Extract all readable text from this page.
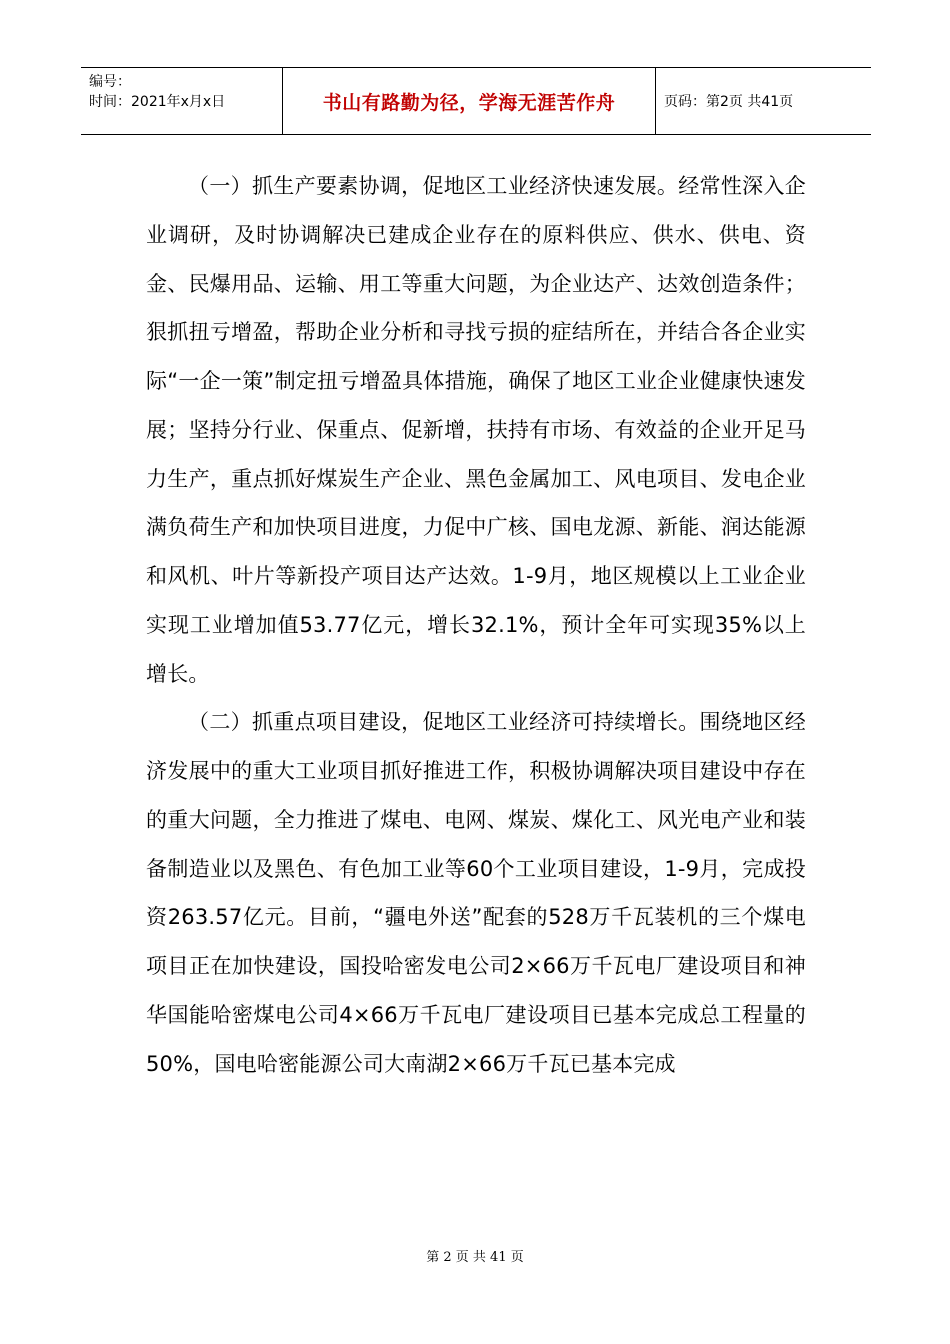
编号：
时间：2021年x月x日	书山有路勤为径，学海无涯苦作舟	页码：第2页 共41页

（一）抓生产要素协调，促地区工业经济快速发展。经常性深入企业调研，及时协调解决已建成企业存在的原料供应、供水、供电、资金、民爆用品、运输、用工等重大问题，为企业达产、达效创造条件；狠抓扭亏增盈，帮助企业分析和寻找亏损的症结所在，并结合各企业实际“一企一策”制定扭亏增盈具体措施，确保了地区工业企业健康快速发展；坚持分行业、保重点、促新增，扶持有市场、有效益的企业开足马力生产，重点抓好煤炭生产企业、黑色金属加工、风电项目、发电企业满负荷生产和加快项目进度，力促中广核、国电龙源、新能、润达能源和风机、叶片等新投产项目达产达效。1-9月，地区规模以上工业企业实现工业增加值53.77亿元，增长32.1%，预计全年可实现35%以上增长。

（二）抓重点项目建设，促地区工业经济可持续增长。围绕地区经济发展中的重大工业项目抓好推进工作，积极协调解决项目建设中存在的重大问题，全力推进了煤电、电网、煤炭、煤化工、风光电产业和装备制造业以及黑色、有色加工业等60个工业项目建设，1-9月，完成投资263.57亿元。目前，“疆电外送”配套的528万千瓦装机的三个煤电项目正在加快建设，国投哈密发电公司2×66万千瓦电厂建设项目和神华国能哈密煤电公司4×66万千瓦电厂建设项目已基本完成总工程量的50%，国电哈密能源公司大南湖2×66万千瓦已基本完成

第 2 页 共 41 页
